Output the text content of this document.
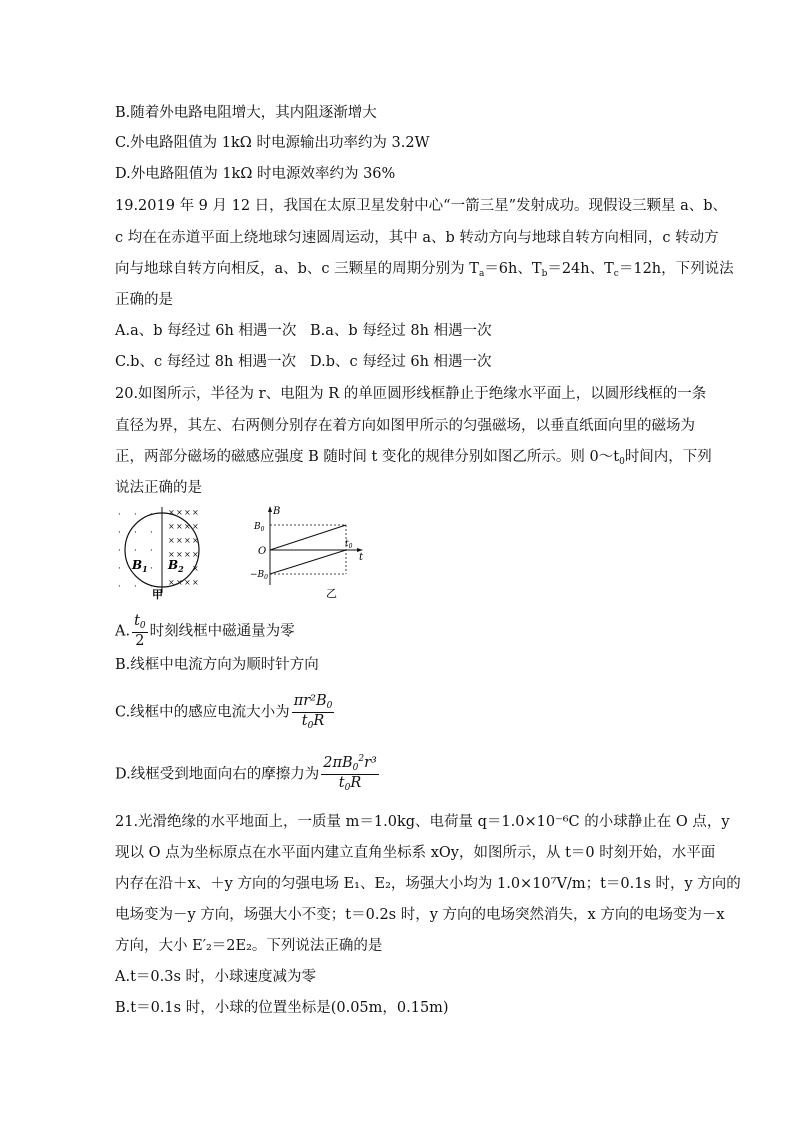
B.随着外电路电阻增大，其内阻逐渐增大
C.外电路阻值为 1kΩ 时电源输出功率约为 3.2W
D.外电路阻值为 1kΩ 时电源效率约为 36%
19.2019 年 9 月 12 日，我国在太原卫星发射中心“一箭三星”发射成功。现假设三颗星 a、b、
c 均在在赤道平面上绕地球匀速圆周运动，其中 a、b 转动方向与地球自转方向相同，c 转动方
向与地球自转方向相反，a、b、c 三颗星的周期分别为 $T_a=6h$、$T_b=24h$、$T_c=12h$，下列说法
正确的是
A.a、b 每经过 6h 相遇一次 B.a、b 每经过 8h 相遇一次
C.b、c 每经过 8h 相遇一次 D.b、c 每经过 6h 相遇一次
20.如图所示，半径为 r、电阻为 R 的单匝圆形线框静止于绝缘水平面上，以圆形线框的一条
直径为界，其左、右两侧分别存在着方向如图甲所示的匀强磁场，以垂直纸面向里的磁场为
正，两部分磁场的磁感应强度 B 随时间 t 变化的规律分别如图乙所示。则 $0\sim t_0$时间内，下列
说法正确的是
· · ·
· · ·
· · ·
·	·
· · ·
× × × ×
× × × ×
× × × ×
× × × ×
×
× × × ×
$B_1$ $B_2$
甲
B
t
O
$B_0$
$-B_0$
$t_0$
乙
A. $\frac{t_0}{2}$ 时刻线框中磁通量为零
B.线框中电流方向为顺时针方向
C.线框中的感应电流大小为 $\frac{\pi r^2B_0}{t_0R}$
D.线框受到地面向右的摩擦力为 $\frac{2\pi B_0^2r^3}{t_0R}$
21.光滑绝缘的水平地面上，一质量 m＝1.0kg、电荷量 q＝1.0×10⁻⁶C 的小球静止在 O 点，y
现以 O 点为坐标原点在水平面内建立直角坐标系 xOy，如图所示，从 t＝0 时刻开始，水平面
内存在沿＋x、＋y 方向的匀强电场 E₁、E₂，场强大小均为 1.0×10⁷V/m；t＝0.1s 时，y 方向的
电场变为－y 方向，场强大小不变；t＝0.2s 时，y 方向的电场突然消失，x 方向的电场变为－x
方向，大小 E′₂＝2E₂。下列说法正确的是
A.t＝0.3s 时，小球速度减为零
B.t＝0.1s 时，小球的位置坐标是(0.05m，0.15m)
